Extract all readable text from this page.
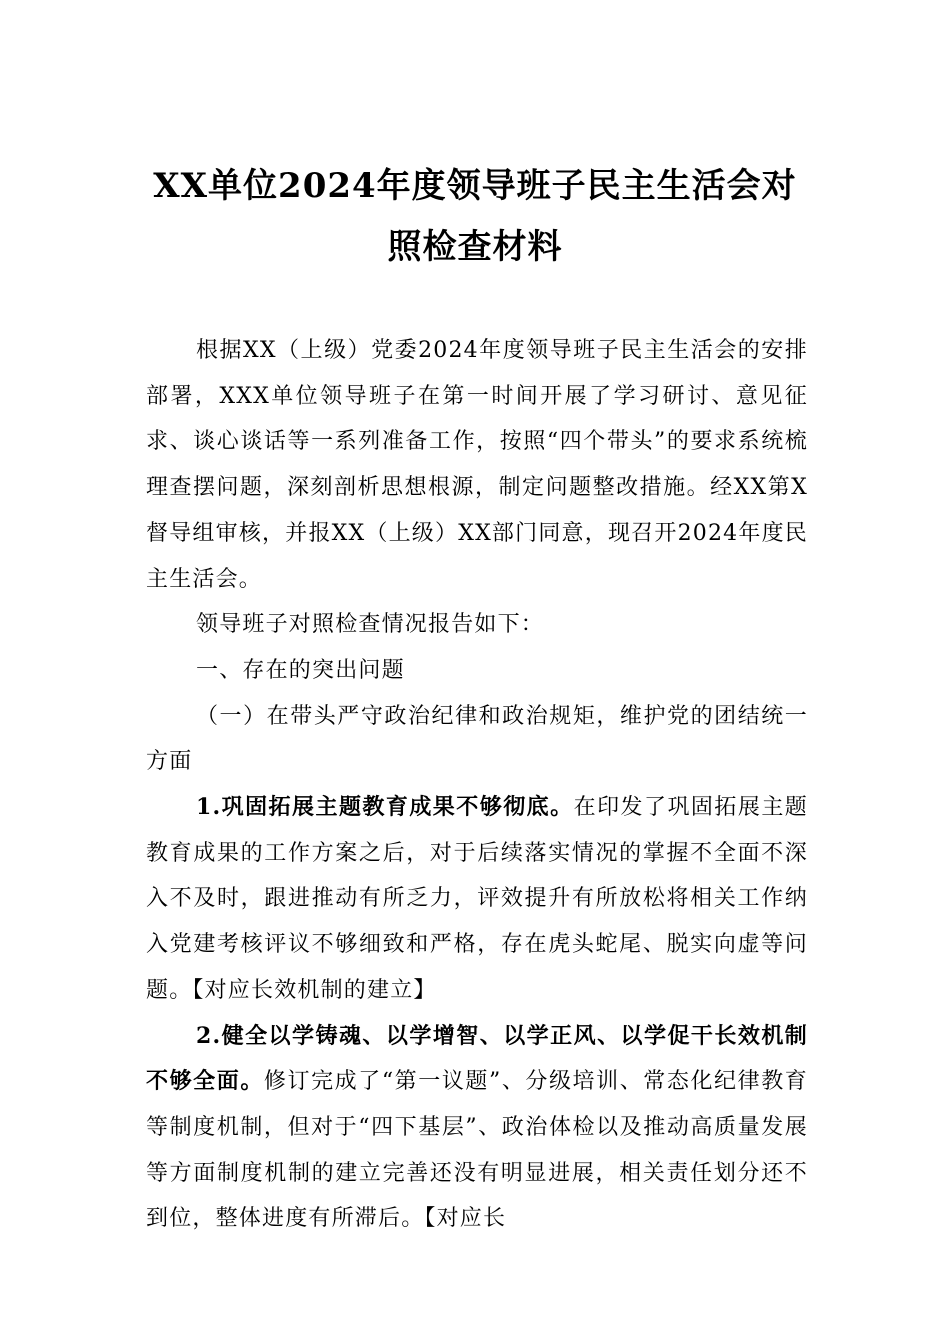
XX单位2024年度领导班子民主生活会对
照检查材料

根据XX（上级）党委2024年度领导班子民主生活会的安排部署，XXX单位领导班子在第一时间开展了学习研讨、意见征求、谈心谈话等一系列准备工作，按照“四个带头”的要求系统梳理查摆问题，深刻剖析思想根源，制定问题整改措施。经XX第X督导组审核，并报XX（上级）XX部门同意，现召开2024年度民主生活会。

领导班子对照检查情况报告如下：

一、存在的突出问题

（一）在带头严守政治纪律和政治规矩，维护党的团结统一方面

1.巩固拓展主题教育成果不够彻底。在印发了巩固拓展主题教育成果的工作方案之后，对于后续落实情况的掌握不全面不深入不及时，跟进推动有所乏力，评效提升有所放松将相关工作纳入党建考核评议不够细致和严格，存在虎头蛇尾、脱实向虚等问题。【对应长效机制的建立】

2.健全以学铸魂、以学增智、以学正风、以学促干长效机制不够全面。修订完成了“第一议题”、分级培训、常态化纪律教育等制度机制，但对于“四下基层”、政治体检以及推动高质量发展等方面制度机制的建立完善还没有明显进展，相关责任划分还不到位，整体进度有所滞后。【对应长
